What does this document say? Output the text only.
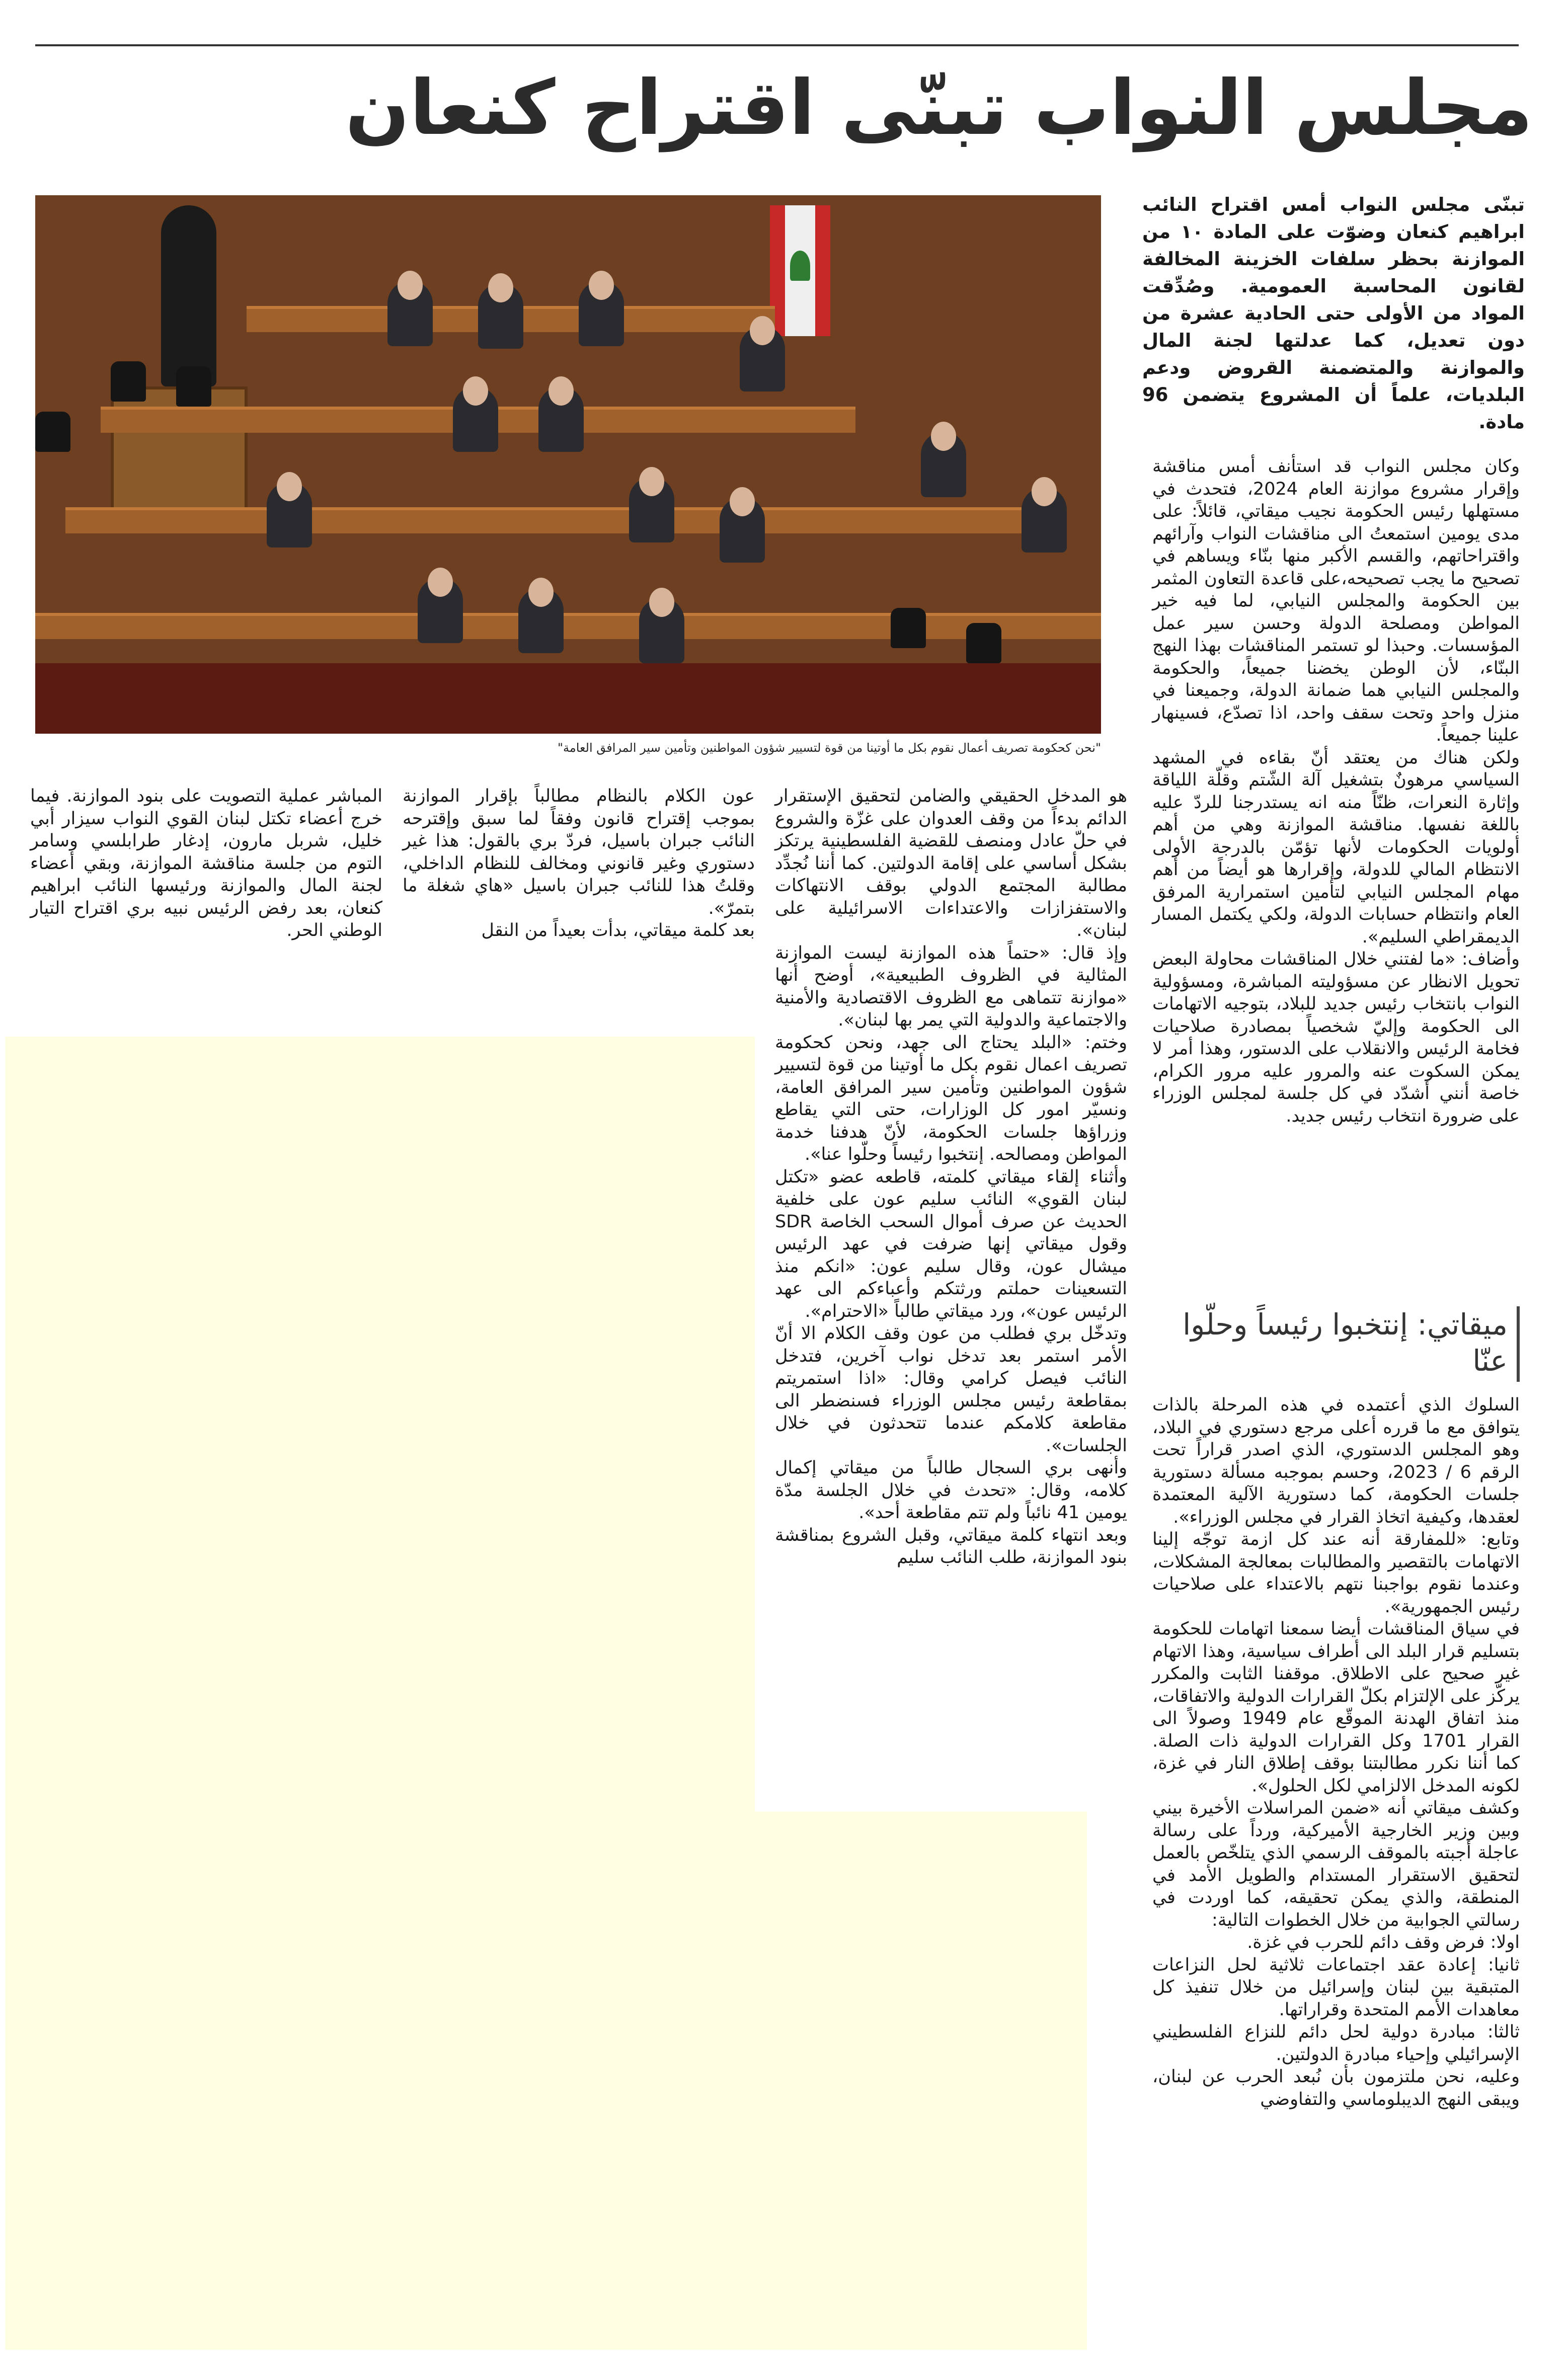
مجلس النواب تبنّى اقتراح كنعان
"نحن كحكومة تصريف أعمال نقوم بكل ما أوتينا من قوة لتسيير شؤون المواطنين وتأمين سير المرافق العامة"
تبنّى مجلس النواب أمس اقتراح النائب ابراهيم كنعان وضوّت على المادة ١٠ من الموازنة بحظر سلفات الخزينة المخالفة لقانون المحاسبة العمومية. وصُدِّقت المواد من الأولى حتى الحادية عشرة من دون تعديل، كما عدلتها لجنة المال والموازنة والمتضمنة القروض ودعم البلديات، علماً أن المشروع يتضمن 96 مادة.
وكان مجلس النواب قد استأنف أمس مناقشة وإقرار مشروع موازنة العام 2024، فتحدث في مستهلها رئيس الحكومة نجيب ميقاتي، قائلاً: على مدى يومين استمعتُ الى مناقشات النواب وآرائهم واقتراحاتهم، والقسم الأكبر منها بنّاء ويساهم في تصحيح ما يجب تصحيحه،على قاعدة التعاون المثمر بين الحكومة والمجلس النيابي، لما فيه خير المواطن ومصلحة الدولة وحسن سير عمل المؤسسات. وحبذا لو تستمر المناقشات بهذا النهج البنّاء، لأن الوطن يخضنا جميعاً، والحكومة والمجلس النيابي هما ضمانة الدولة، وجميعنا في منزل واحد وتحت سقف واحد، اذا تصدّع، فسينهار علينا جميعاً.
ولكن هناك من يعتقد أنّ بقاءه في المشهد السياسي مرهونٌ بتشغيل آلة الشّتم وقلّة اللياقة وإثارة النعرات، ظنّاً منه انه يستدرجنا للردّ عليه باللغة نفسها. مناقشة الموازنة وهي من أهم أولويات الحكومات لأنها تؤمّن بالدرجة الأولى الانتظام المالي للدولة، وإقرارها هو أيضاً من أهم مهام المجلس النيابي لتأمين استمرارية المرفق العام وانتظام حسابات الدولة، ولكي يكتمل المسار الديمقراطي السليم».
وأضاف: «ما لفتني خلال المناقشات محاولة البعض تحويل الانظار عن مسؤوليته المباشرة، ومسؤولية النواب بانتخاب رئيس جديد للبلاد، بتوجيه الاتهامات الى الحكومة وإليّ شخصياً بمصادرة صلاحيات فخامة الرئيس والانقلاب على الدستور، وهذا أمر لا يمكن السكوت عنه والمرور عليه مرور الكرام، خاصة أنني أشدّد في كل جلسة لمجلس الوزراء على ضرورة انتخاب رئيس جديد.
ميقاتي: إنتخبوا رئيساً وحلّوا عنّا
السلوك الذي أعتمده في هذه المرحلة بالذات يتوافق مع ما قرره أعلى مرجع دستوري في البلاد، وهو المجلس الدستوري، الذي اصدر قراراً تحت الرقم 6 / 2023، وحسم بموجبه مسألة دستورية جلسات الحكومة، كما دستورية الآلية المعتمدة لعقدها، وكيفية اتخاذ القرار في مجلس الوزراء».
وتابع: «للمفارقة أنه عند كل ازمة توجّه إلينا الاتهامات بالتقصير والمطالبات بمعالجة المشكلات، وعندما نقوم بواجبنا نتهم بالاعتداء على صلاحيات رئيس الجمهورية».
في سياق المناقشات أيضا سمعنا اتهامات للحكومة بتسليم قرار البلد الى أطراف سياسية، وهذا الاتهام غير صحيح على الاطلاق. موقفنا الثابت والمكرر يركّز على الإلتزام بكلّ القرارات الدولية والاتفاقات، منذ اتفاق الهدنة الموقّع عام 1949 وصولاً الى القرار 1701 وكل القرارات الدولية ذات الصلة. كما أننا نكرر مطالبتنا بوقف إطلاق النار في غزة، لكونه المدخل الالزامي لكل الحلول».
وكشف ميقاتي أنه «ضمن المراسلات الأخيرة بيني وبين وزير الخارجية الأميركية، ورداً على رسالة عاجلة أجبته بالموقف الرسمي الذي يتلخّص بالعمل لتحقيق الاستقرار المستدام والطويل الأمد في المنطقة، والذي يمكن تحقيقه، كما اوردت في رسالتي الجوابية من خلال الخطوات التالية:
اولا: فرض وقف دائم للحرب في غزة.
ثانيا: إعادة عقد اجتماعات ثلاثية لحل النزاعات المتبقية بين لبنان وإسرائيل من خلال تنفيذ كل معاهدات الأمم المتحدة وقراراتها.
ثالثا: مبادرة دولية لحل دائم للنزاع الفلسطيني الإسرائيلي وإحياء مبادرة الدولتين.
وعليه، نحن ملتزمون بأن نُبعد الحرب عن لبنان، ويبقى النهج الديبلوماسي والتفاوضي
هو المدخل الحقيقي والضامن لتحقيق الإستقرار الدائم بدءاً من وقف العدوان على غزّة والشروع في حلّ عادل ومنصف للقضية الفلسطينية يرتكز بشكل أساسي على إقامة الدولتين. كما أننا نُجدِّد مطالبة المجتمع الدولي بوقف الانتهاكات والاستفزازات والاعتداءات الاسرائيلية على لبنان».
وإذ قال: «حتماً هذه الموازنة ليست الموازنة المثالية في الظروف الطبيعية»، أوضح أنها «موازنة تتماهى مع الظروف الاقتصادية والأمنية والاجتماعية والدولية التي يمر بها لبنان».
وختم: «البلد يحتاج الى جهد، ونحن كحكومة تصريف اعمال نقوم بكل ما أوتينا من قوة لتسيير شؤون المواطنين وتأمين سير المرافق العامة، ونسيّر امور كل الوزارات، حتى التي يقاطع وزراؤها جلسات الحكومة، لأنّ هدفنا خدمة المواطن ومصالحه. إنتخبوا رئيساً وحلّوا عنا».
وأثناء إلقاء ميقاتي كلمته، قاطعه عضو «تكتل لبنان القوي» النائب سليم عون على خلفية الحديث عن صرف أموال السحب الخاصة SDR وقول ميقاتي إنها ضرفت في عهد الرئيس ميشال عون، وقال سليم عون: «انكم منذ التسعينات حملتم ورثتكم وأعباءكم الى عهد الرئيس عون»، ورد ميقاتي طالباً «الاحترام».
وتدخّل بري فطلب من عون وقف الكلام الا أنّ الأمر استمر بعد تدخل نواب آخرين، فتدخل النائب فيصل كرامي وقال: «اذا استمريتم بمقاطعة رئيس مجلس الوزراء فسنضطر الى مقاطعة كلامكم عندما تتحدثون في خلال الجلسات».
وأنهى بري السجال طالباً من ميقاتي إكمال كلامه، وقال: «تحدث في خلال الجلسة مدّة يومين 41 نائباً ولم تتم مقاطعة أحد».
وبعد انتهاء كلمة ميقاتي، وقبل الشروع بمناقشة بنود الموازنة، طلب النائب سليم
عون الكلام بالنظام مطالباً بإقرار الموازنة بموجب إقتراح قانون وفقاً لما سبق وإقترحه النائب جبران باسيل، فردّ بري بالقول: هذا غير دستوري وغير قانوني ومخالف للنظام الداخلي، وقلتُ هذا للنائب جبران باسيل «هاي شغلة ما بتمرّ».
بعد كلمة ميقاتي، بدأت بعيداً من النقل
المباشر عملية التصويت على بنود الموازنة. فيما خرج أعضاء تكتل لبنان القوي النواب سيزار أبي خليل، شربل مارون، إدغار طرابلسي وسامر التوم من جلسة مناقشة الموازنة، وبقي أعضاء لجنة المال والموازنة ورئيسها النائب ابراهيم كنعان، بعد رفض الرئيس نبيه بري اقتراح التيار الوطني الحر.
